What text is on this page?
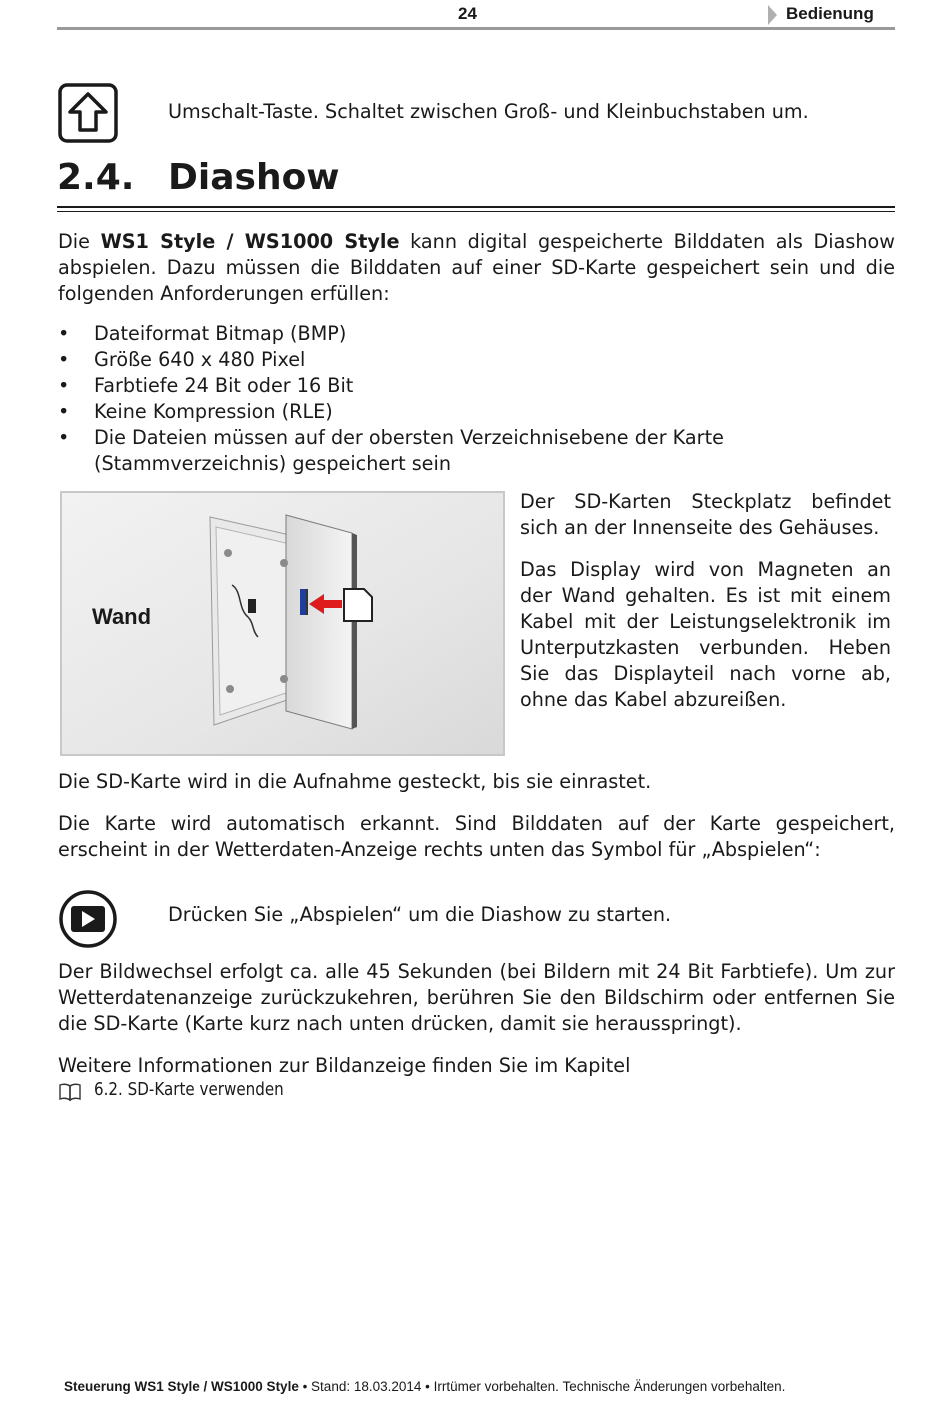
24	Bedienung
Umschalt-Taste. Schaltet zwischen Groß- und Kleinbuchstaben um.
2.4. Diashow
Die WS1 Style / WS1000 Style kann digital gespeicherte Bilddaten als Diashow abspielen. Dazu müssen die Bilddaten auf einer SD-Karte gespeichert sein und die folgenden Anforderungen erfüllen:
• Dateiformat Bitmap (BMP)
• Größe 640 x 480 Pixel
• Farbtiefe 24 Bit oder 16 Bit
• Keine Kompression (RLE)
• Die Dateien müssen auf der obersten Verzeichnisebene der Karte (Stammverzeichnis) gespeichert sein
Wand
Der SD-Karten Steckplatz befindet sich an der Innenseite des Gehäuses.
Das Display wird von Magneten an der Wand gehalten. Es ist mit einem Kabel mit der Leistungselektronik im Unterputzkasten verbunden. Heben Sie das Displayteil nach vorne ab, ohne das Kabel abzureißen.
Die SD-Karte wird in die Aufnahme gesteckt, bis sie einrastet.
Die Karte wird automatisch erkannt. Sind Bilddaten auf der Karte gespeichert, erscheint in der Wetterdaten-Anzeige rechts unten das Symbol für „Abspielen“:
Drücken Sie „Abspielen“ um die Diashow zu starten.
Der Bildwechsel erfolgt ca. alle 45 Sekunden (bei Bildern mit 24 Bit Farbtiefe). Um zur Wetterdatenanzeige zurückzukehren, berühren Sie den Bildschirm oder entfernen Sie die SD-Karte (Karte kurz nach unten drücken, damit sie herausspringt).
Weitere Informationen zur Bildanzeige finden Sie im Kapitel
6.2. SD-Karte verwenden
Steuerung WS1 Style / WS1000 Style • Stand: 18.03.2014 • Irrtümer vorbehalten. Technische Änderungen vorbehalten.
